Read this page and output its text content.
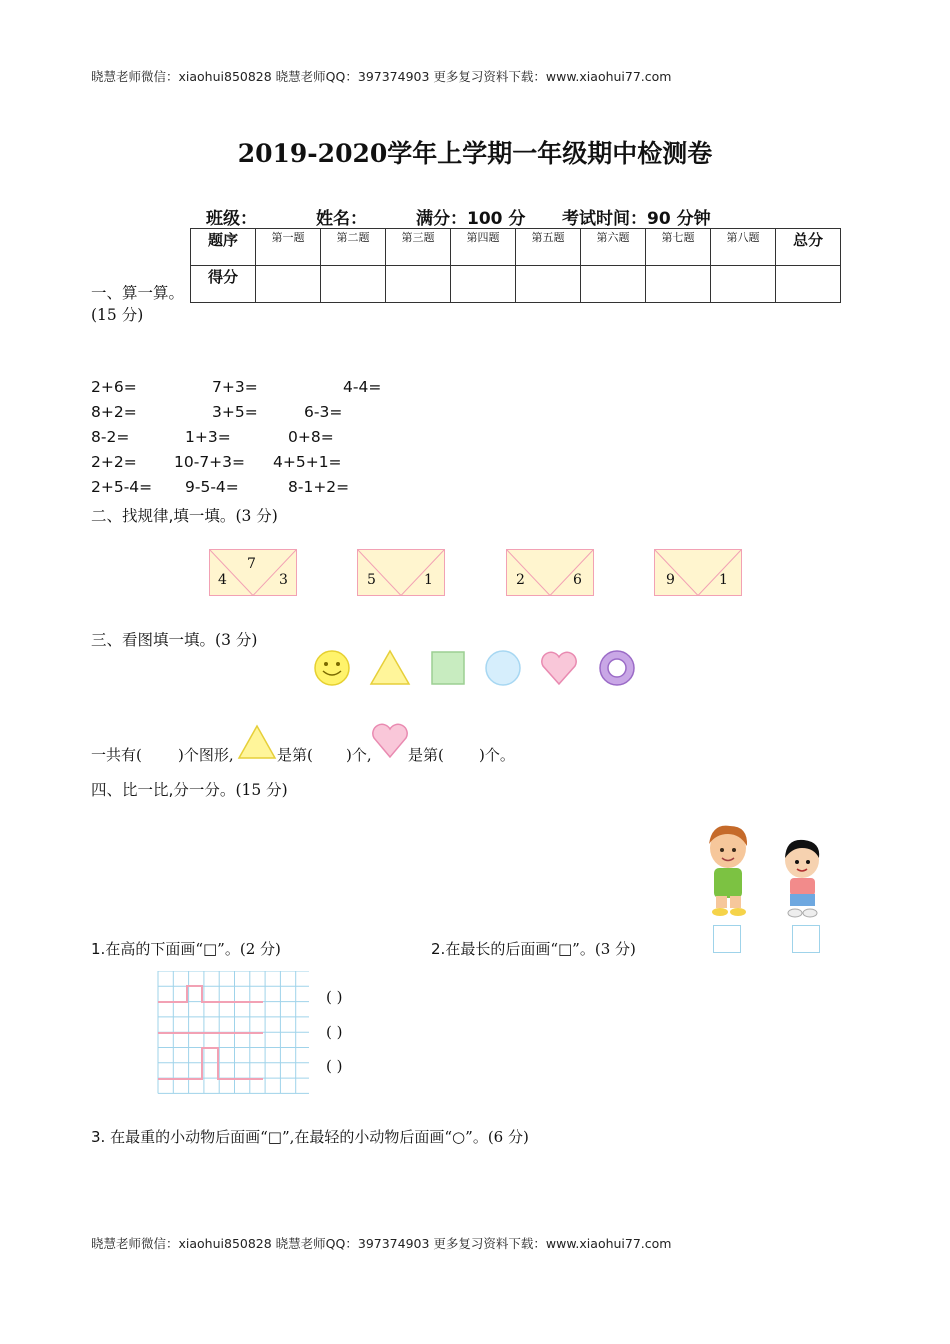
晓慧老师微信：xiaohui850828 晓慧老师QQ：397374903 更多复习资料下载：www.xiaohui77.com
2019-2020学年上学期一年级期中检测卷
班级：	姓名：	满分：100 分 考试时间：90 分钟
题序	第一题	第二题	第三题	第四题	第五题	第六题	第七题	第八题	总分
得分									
一、算一算。
(15 分)
2+6=	7+3=	4-4=
8+2=	3+5=	6-3=
8-2=	1+3=	0+8=
2+2= 10-7+3= 4+5+1=
2+5-4= 9-5-4=	8-1+2=
二、找规律,填一填。(3 分)
7
4	3	5	1	2	6	9	1
三、看图填一填。(3 分)
一共有( )个图形,	是第( )个, 是第( )个。
四、比一比,分一分。(15 分)
1.在高的下面画“□”。(2 分)	2.在最长的后面画“□”。(3 分)
( )
( )
( )
3. 在最重的小动物后面画“□”,在最轻的小动物后面画“○”。(6 分)
晓慧老师微信：xiaohui850828 晓慧老师QQ：397374903 更多复习资料下载：www.xiaohui77.com
